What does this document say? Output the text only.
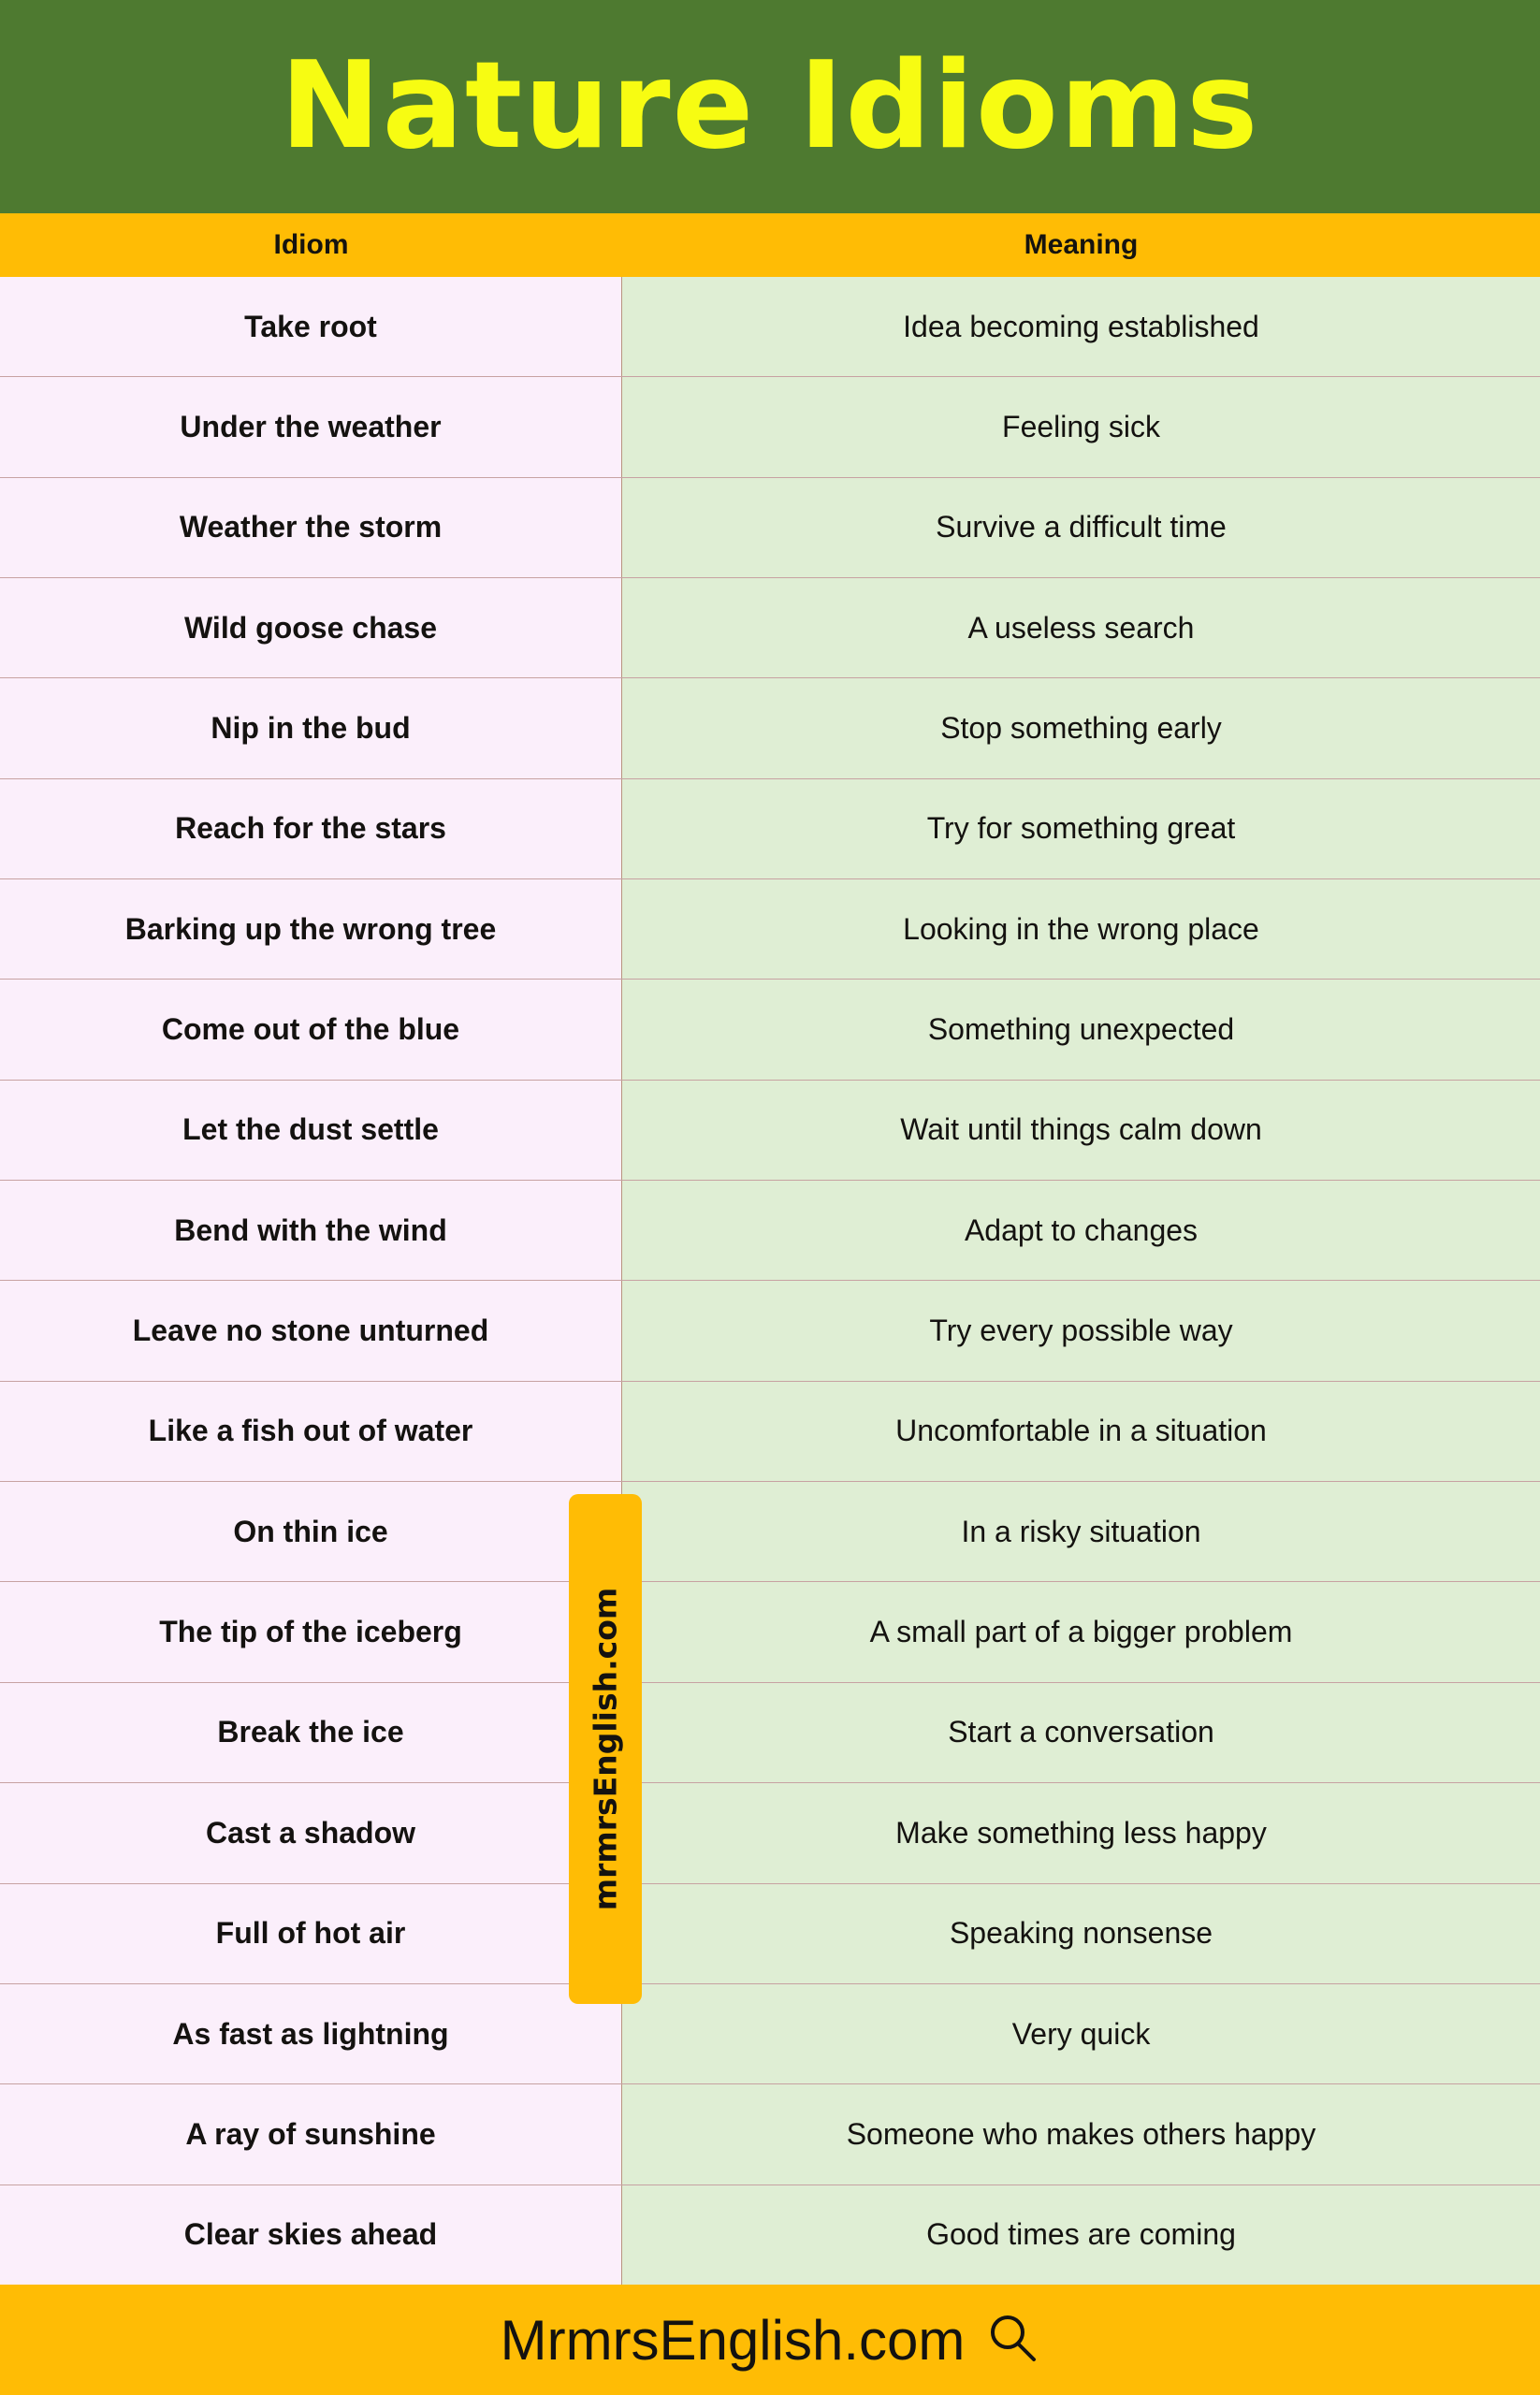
Nature Idioms
Idiom	Meaning
Take root	Idea becoming established
Under the weather	Feeling sick
Weather the storm	Survive a difficult time
Wild goose chase	A useless search
Nip in the bud	Stop something early
Reach for the stars	Try for something great
Barking up the wrong tree	Looking in the wrong place
Come out of the blue	Something unexpected
Let the dust settle	Wait until things calm down
Bend with the wind	Adapt to changes
Leave no stone unturned	Try every possible way
Like a fish out of water	Uncomfortable in a situation
On thin ice	In a risky situation
The tip of the iceberg	A small part of a bigger problem
Break the ice	Start a conversation
Cast a shadow	Make something less happy
Full of hot air	Speaking nonsense
As fast as lightning	Very quick
A ray of sunshine	Someone who makes others happy
Clear skies ahead	Good times are coming
mrmrsEnglish.com
MrmrsEnglish.com
